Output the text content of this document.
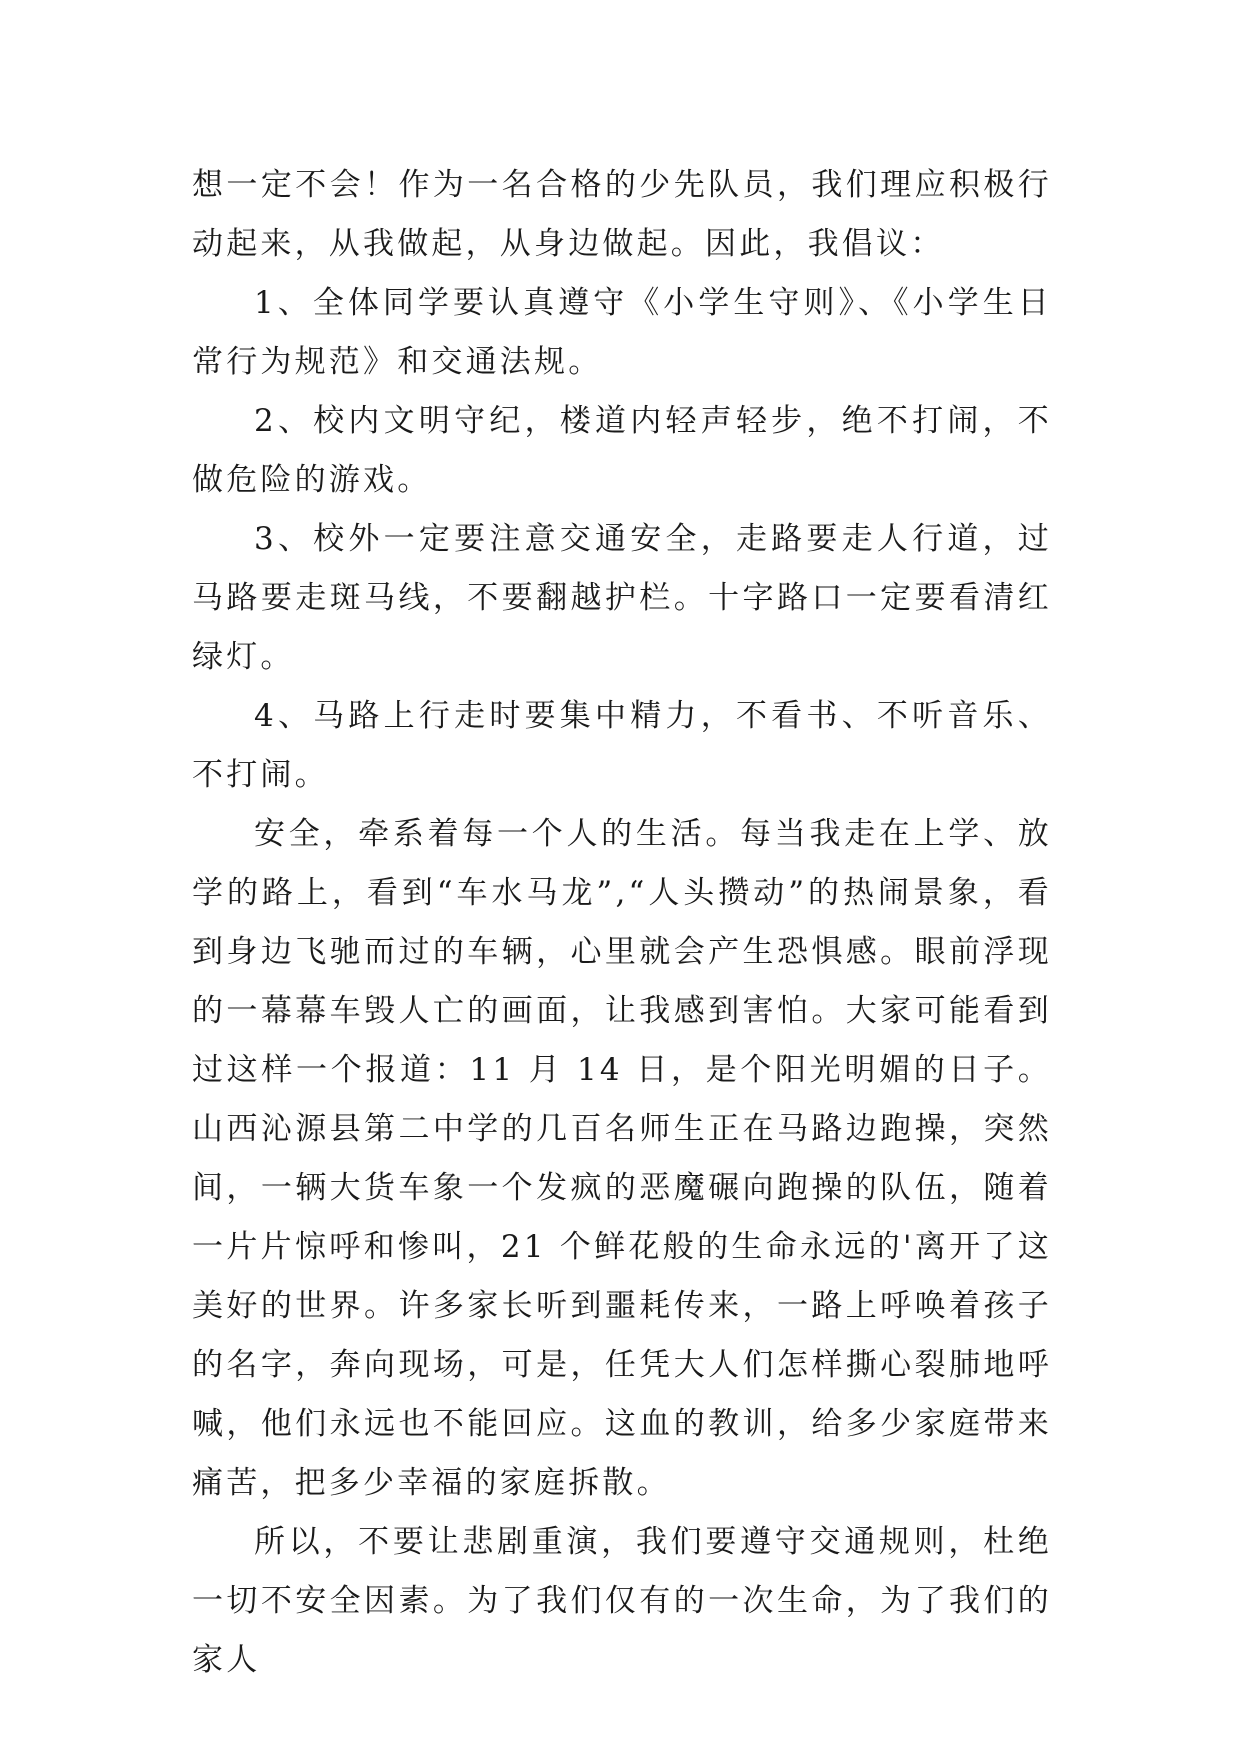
想一定不会！作为一名合格的少先队员，我们理应积极行动起来，从我做起，从身边做起。因此，我倡议：

1、全体同学要认真遵守《小学生守则》、《小学生日常行为规范》和交通法规。

2、校内文明守纪，楼道内轻声轻步，绝不打闹，不做危险的游戏。

3、校外一定要注意交通安全，走路要走人行道，过马路要走斑马线，不要翻越护栏。十字路口一定要看清红绿灯。

4、马路上行走时要集中精力，不看书、不听音乐、不打闹。

安全，牵系着每一个人的生活。每当我走在上学、放学的路上，看到“车水马龙”,“人头攒动”的热闹景象，看到身边飞驰而过的车辆，心里就会产生恐惧感。眼前浮现的一幕幕车毁人亡的画面，让我感到害怕。大家可能看到过这样一个报道：11 月 14 日，是个阳光明媚的日子。山西沁源县第二中学的几百名师生正在马路边跑操，突然间，一辆大货车象一个发疯的恶魔碾向跑操的队伍，随着一片片惊呼和惨叫，21 个鲜花般的生命永远的'离开了这美好的世界。许多家长听到噩耗传来，一路上呼唤着孩子的名字，奔向现场，可是，任凭大人们怎样撕心裂肺地呼喊，他们永远也不能回应。这血的教训，给多少家庭带来痛苦，把多少幸福的家庭拆散。

所以，不要让悲剧重演，我们要遵守交通规则，杜绝一切不安全因素。为了我们仅有的一次生命，为了我们的家人
